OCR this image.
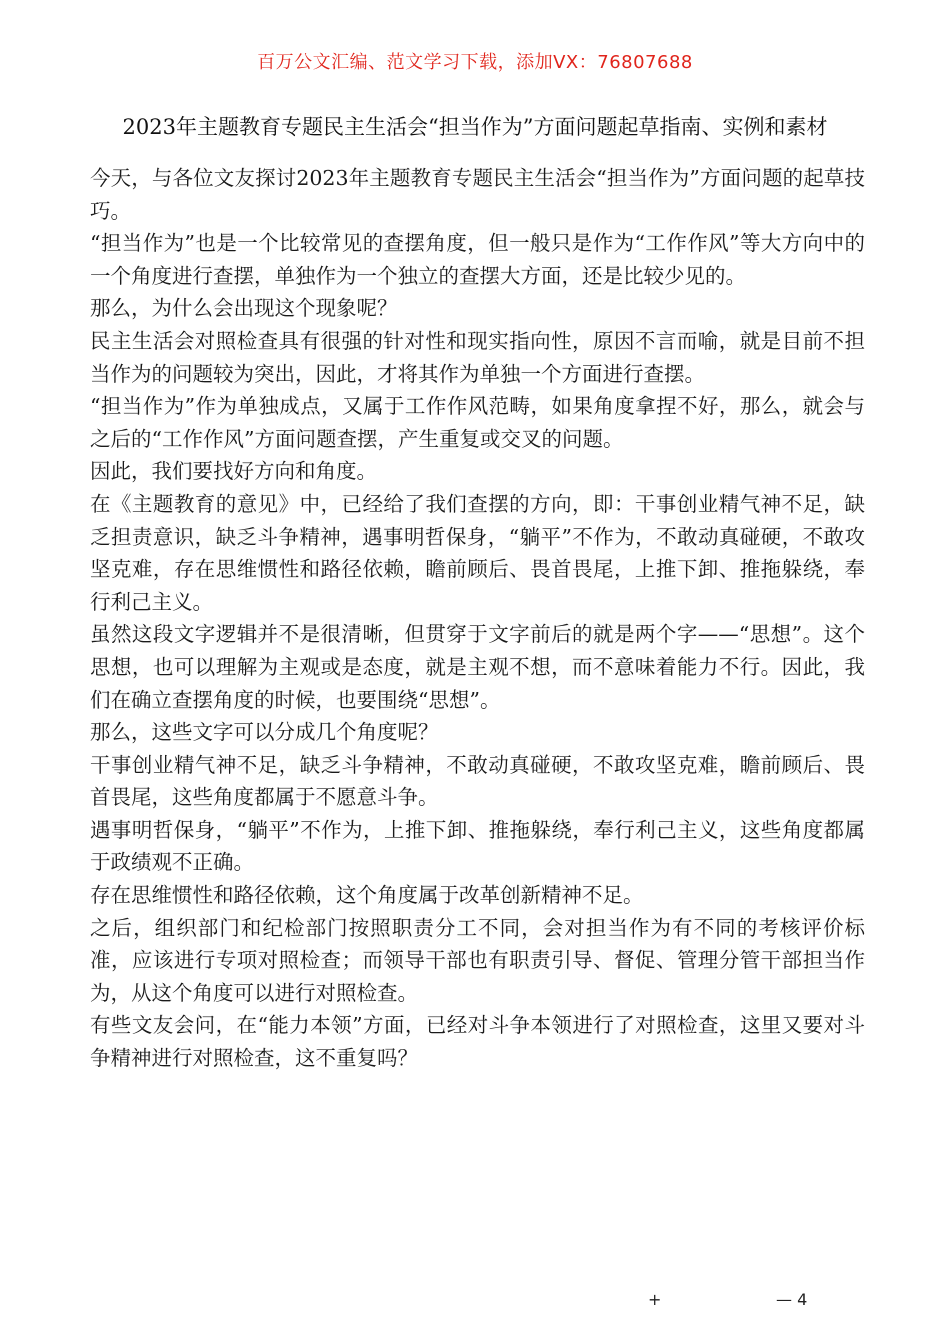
百万公文汇编、范文学习下载，添加VX：76807688
2023年主题教育专题民主生活会“担当作为”方面问题起草指南、实例和素材

今天，与各位文友探讨2023年主题教育专题民主生活会“担当作为”方面问题的起草技巧。

“担当作为”也是一个比较常见的查摆角度，但一般只是作为“工作作风”等大方向中的一个角度进行查摆，单独作为一个独立的查摆大方面，还是比较少见的。

那么，为什么会出现这个现象呢？

民主生活会对照检查具有很强的针对性和现实指向性，原因不言而喻，就是目前不担当作为的问题较为突出，因此，才将其作为单独一个方面进行查摆。

“担当作为”作为单独成点，又属于工作作风范畴，如果角度拿捏不好，那么，就会与之后的“工作作风”方面问题查摆，产生重复或交叉的问题。

因此，我们要找好方向和角度。

在《主题教育的意见》中，已经给了我们查摆的方向，即：干事创业精气神不足，缺乏担责意识，缺乏斗争精神，遇事明哲保身，“躺平”不作为，不敢动真碰硬，不敢攻坚克难，存在思维惯性和路径依赖，瞻前顾后、畏首畏尾，上推下卸、推拖躲绕，奉行利己主义。

虽然这段文字逻辑并不是很清晰，但贯穿于文字前后的就是两个字——“思想”。这个思想，也可以理解为主观或是态度，就是主观不想，而不意味着能力不行。因此，我们在确立查摆角度的时候，也要围绕“思想”。

那么，这些文字可以分成几个角度呢？

干事创业精气神不足，缺乏斗争精神，不敢动真碰硬，不敢攻坚克难，瞻前顾后、畏首畏尾，这些角度都属于不愿意斗争。

遇事明哲保身，“躺平”不作为，上推下卸、推拖躲绕，奉行利己主义，这些角度都属于政绩观不正确。

存在思维惯性和路径依赖，这个角度属于改革创新精神不足。

之后，组织部门和纪检部门按照职责分工不同，会对担当作为有不同的考核评价标准，应该进行专项对照检查；而领导干部也有职责引导、督促、管理分管干部担当作为，从这个角度可以进行对照检查。

有些文友会问，在“能力本领”方面，已经对斗争本领进行了对照检查，这里又要对斗争精神进行对照检查，这不重复吗？

+	— 4
